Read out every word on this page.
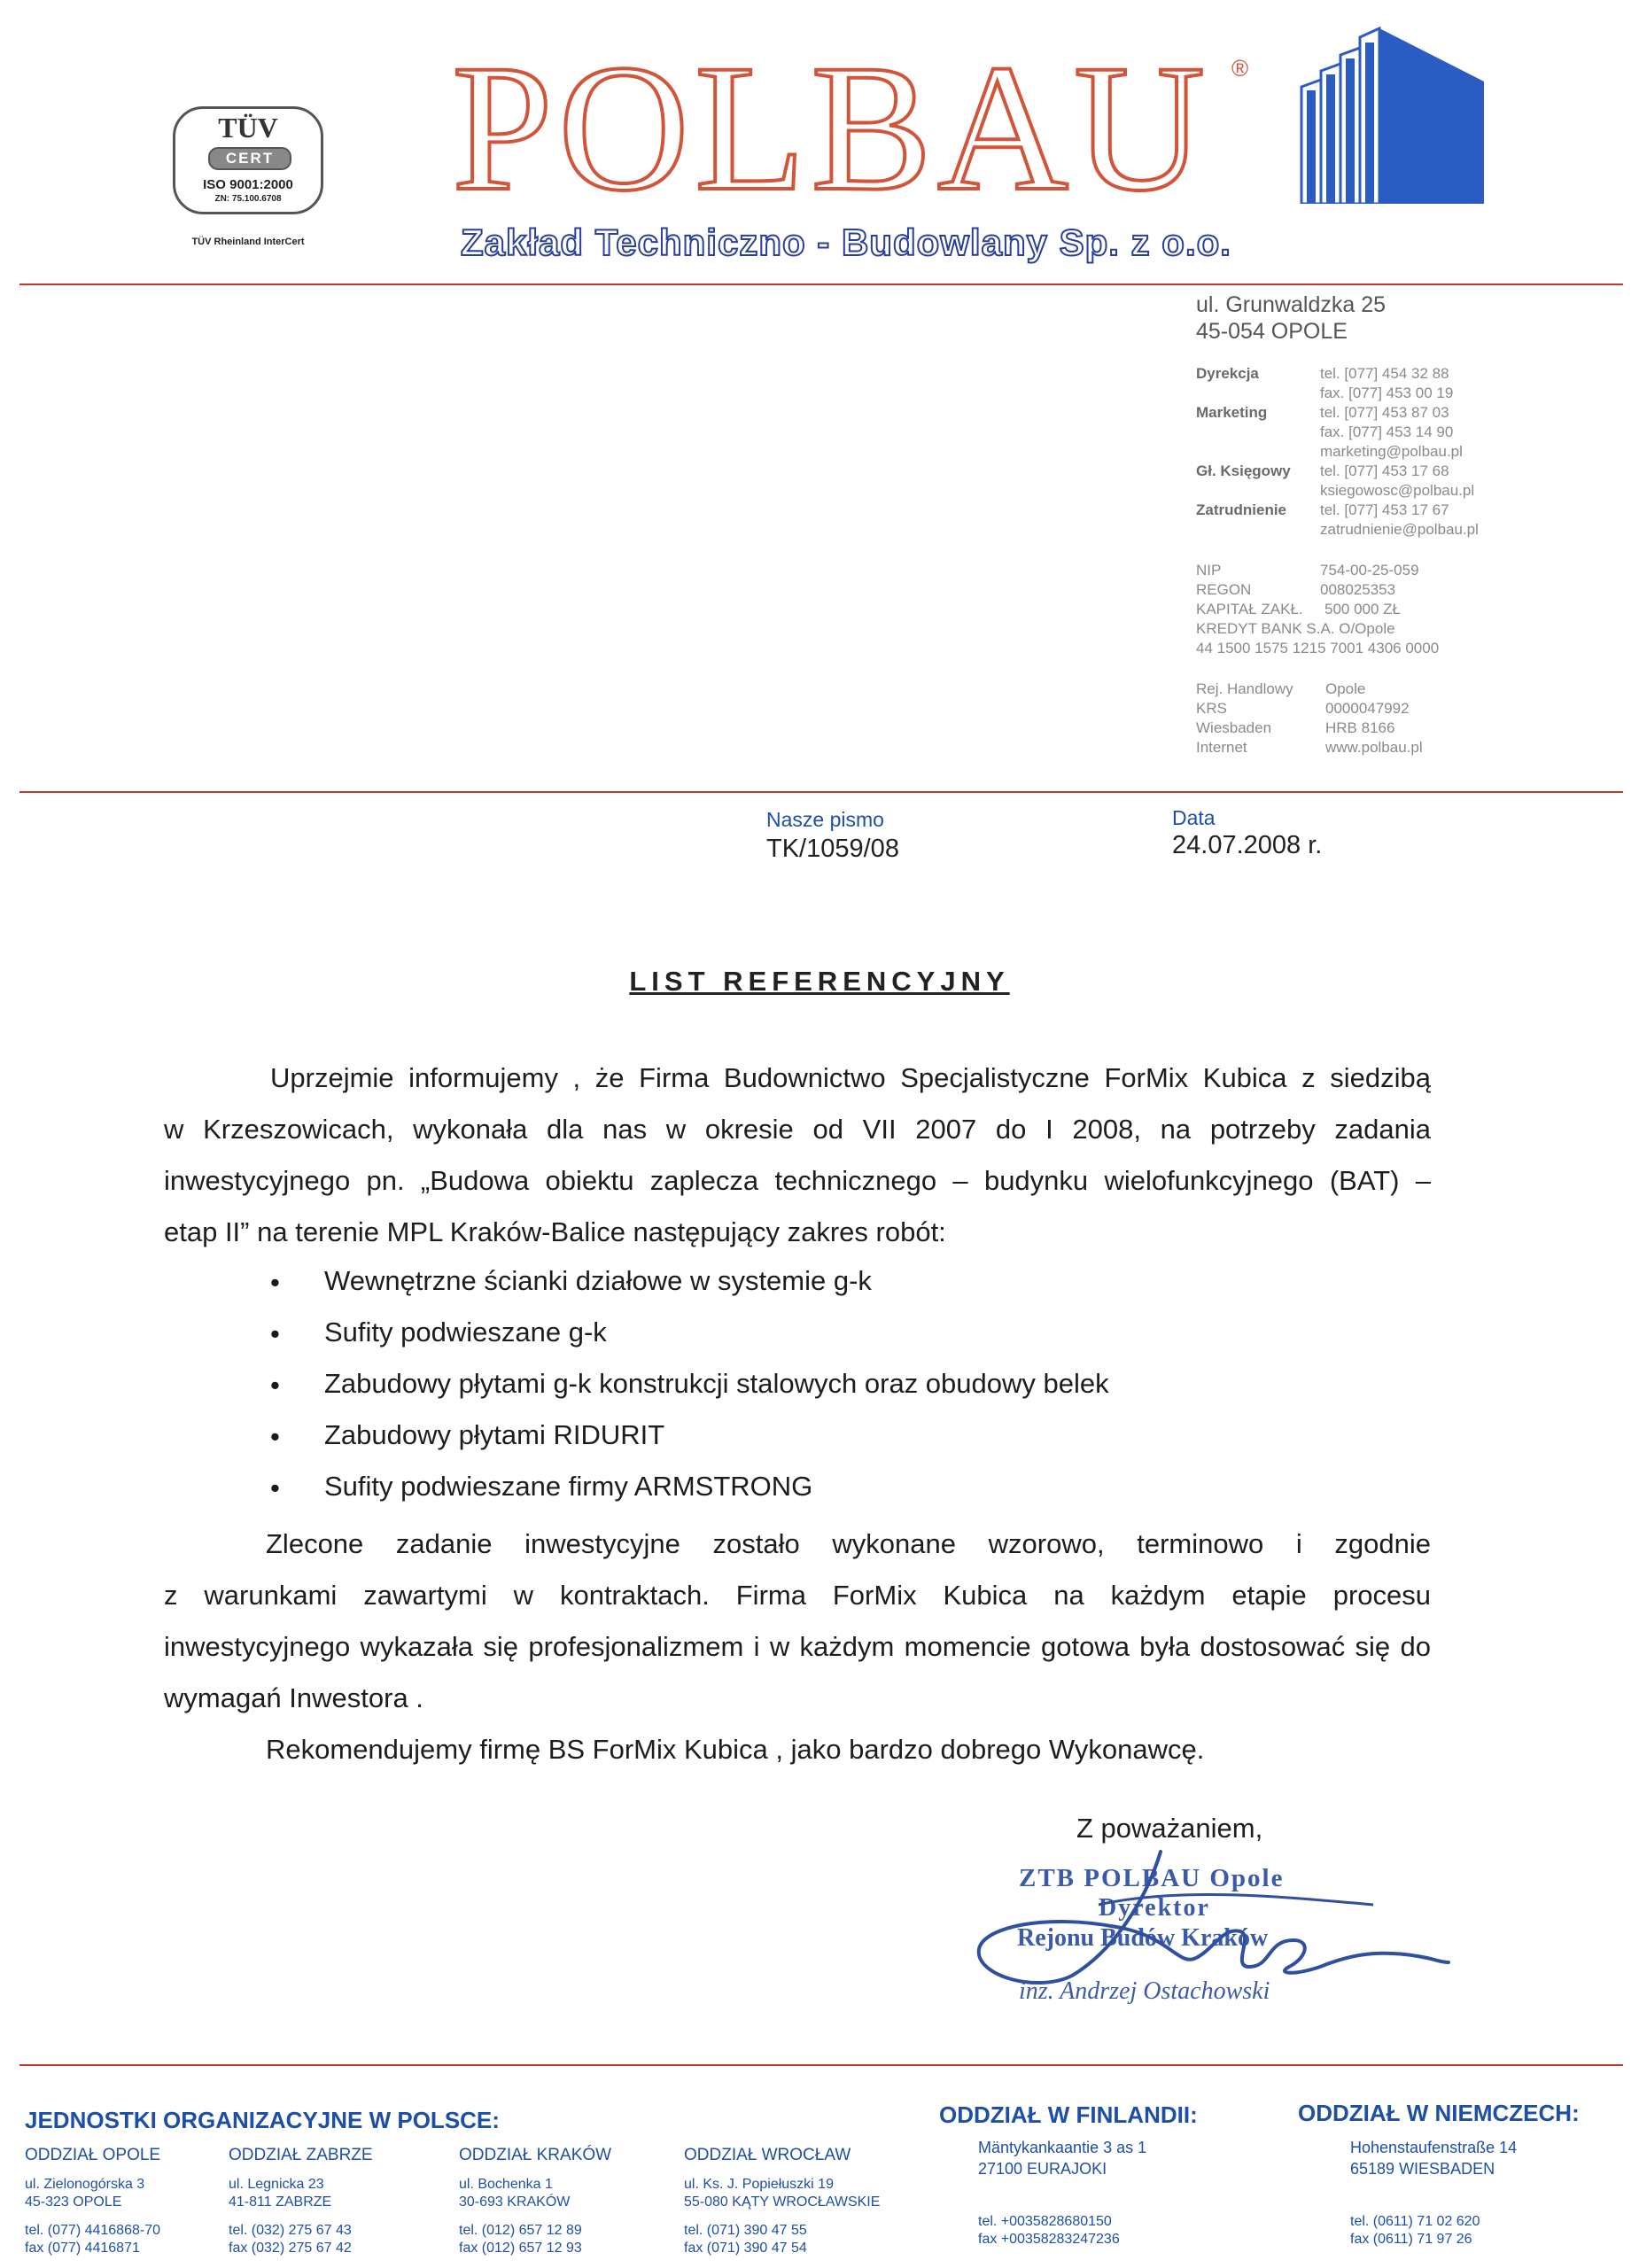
TÜV
CERT
ISO 9001:2000
ZN: 75.100.6708
TÜV Rheinland InterCert
POLBAU ®
Zakład Techniczno - Budowlany Sp. z o.o.
ul. Grunwaldzka 25
45-054 OPOLE
Dyrekcja	tel. [077] 454 32 88
fax. [077] 453 00 19
Marketing	tel. [077] 453 87 03
fax. [077] 453 14 90
marketing@polbau.pl
Gł. Księgowy tel. [077] 453 17 68
ksiegowosc@polbau.pl
Zatrudnienie tel. [077] 453 17 67
zatrudnienie@polbau.pl
NIP	754-00-25-059
REGON	008025353
KAPITAŁ ZAKŁ. 500 000 ZŁ
KREDYT BANK S.A. O/Opole
44 1500 1575 1215 7001 4306 0000
Rej. Handlowy Opole
KRS	0000047992
Wiesbaden	HRB 8166
Internet	www.polbau.pl
Nasze pismo
TK/1059/08
Data
24.07.2008 r.
LIST REFERENCYJNY
Uprzejmie informujemy , że Firma Budownictwo Specjalistyczne ForMix Kubica z siedzibą
w Krzeszowicach, wykonała dla nas w okresie od VII 2007 do I 2008, na potrzeby zadania
inwestycyjnego pn. „Budowa obiektu zaplecza technicznego – budynku wielofunkcyjnego (BAT) –
etap II” na terenie MPL Kraków-Balice następujący zakres robót:
• Wewnętrzne ścianki działowe w systemie g-k
• Sufity podwieszane g-k
• Zabudowy płytami g-k konstrukcji stalowych oraz obudowy belek
• Zabudowy płytami RIDURIT
• Sufity podwieszane firmy ARMSTRONG
Zlecone zadanie inwestycyjne zostało wykonane wzorowo, terminowo i zgodnie
z warunkami zawartymi w kontraktach. Firma ForMix Kubica na każdym etapie procesu
inwestycyjnego wykazała się profesjonalizmem i w każdym momencie gotowa była dostosować się do
wymagań Inwestora .
Rekomendujemy firmę BS ForMix Kubica , jako bardzo dobrego Wykonawcę.
Z poważaniem,
ZTB POLBAU Opole
Dyrektor
Rejonu Budów Kraków
inż. Andrzej Ostachowski
JEDNOSTKI ORGANIZACYJNE W POLSCE:	ODDZIAŁ W FINLANDII:	ODDZIAŁ W NIEMCZECH:
ODDZIAŁ OPOLE
ul. Zielonogórska 3
45-323 OPOLE
tel. (077) 4416868-70
fax (077) 4416871
ODDZIAŁ ZABRZE
ul. Legnicka 23
41-811 ZABRZE
tel. (032) 275 67 43
fax (032) 275 67 42
ODDZIAŁ KRAKÓW
ul. Bochenka 1
30-693 KRAKÓW
tel. (012) 657 12 89
fax (012) 657 12 93
ODDZIAŁ WROCŁAW
ul. Ks. J. Popiełuszki 19
55-080 KĄTY WROCŁAWSKIE
tel. (071) 390 47 55
fax (071) 390 47 54
Mäntykankaantie 3 as 1
27100 EURAJOKI
tel. +0035828680150
fax +00358283247236
Hohenstaufenstraße 14
65189 WIESBADEN
tel. (0611) 71 02 620
fax (0611) 71 97 26
